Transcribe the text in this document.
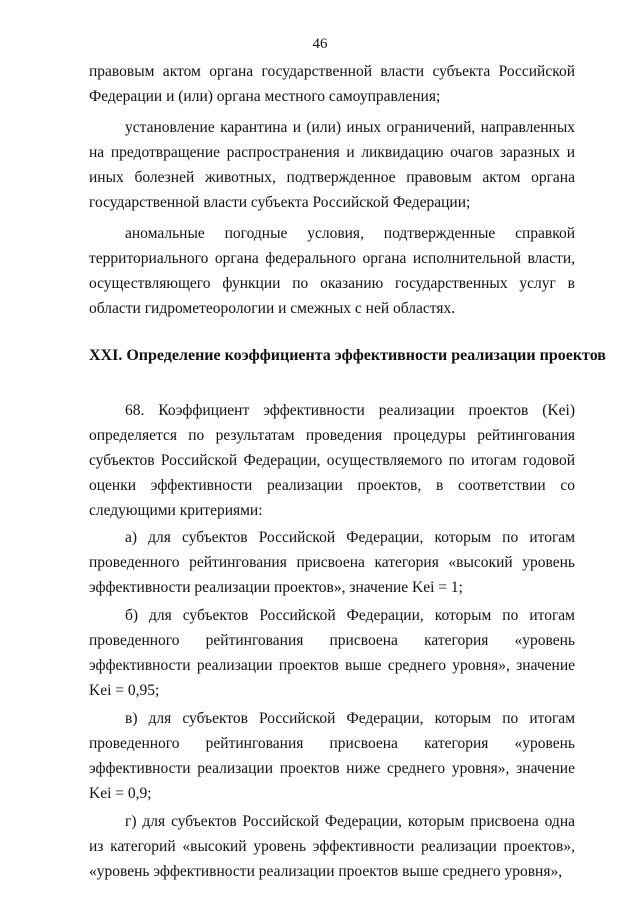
46

правовым актом органа государственной власти субъекта Российской Федерации и (или) органа местного самоуправления;

установление карантина и (или) иных ограничений, направленных на предотвращение распространения и ликвидацию очагов заразных и иных болезней животных, подтвержденное правовым актом органа государственной власти субъекта Российской Федерации;

аномальные погодные условия, подтвержденные справкой территориального органа федерального органа исполнительной власти, осуществляющего функции по оказанию государственных услуг в области гидрометеорологии и смежных с ней областях.

XXI. Определение коэффициента эффективности реализации проектов

68. Коэффициент эффективности реализации проектов (Kei) определяется по результатам проведения процедуры рейтингования субъектов Российской Федерации, осуществляемого по итогам годовой оценки эффективности реализации проектов, в соответствии со следующими критериями:

а) для субъектов Российской Федерации, которым по итогам проведенного рейтингования присвоена категория «высокий уровень эффективности реализации проектов», значение Kei = 1;

б) для субъектов Российской Федерации, которым по итогам проведенного рейтингования присвоена категория «уровень эффективности реализации проектов выше среднего уровня», значение Kei = 0,95;

в) для субъектов Российской Федерации, которым по итогам проведенного рейтингования присвоена категория «уровень эффективности реализации проектов ниже среднего уровня», значение Kei = 0,9;

г) для субъектов Российской Федерации, которым присвоена одна из категорий «высокий уровень эффективности реализации проектов», «уровень эффективности реализации проектов выше среднего уровня»,
